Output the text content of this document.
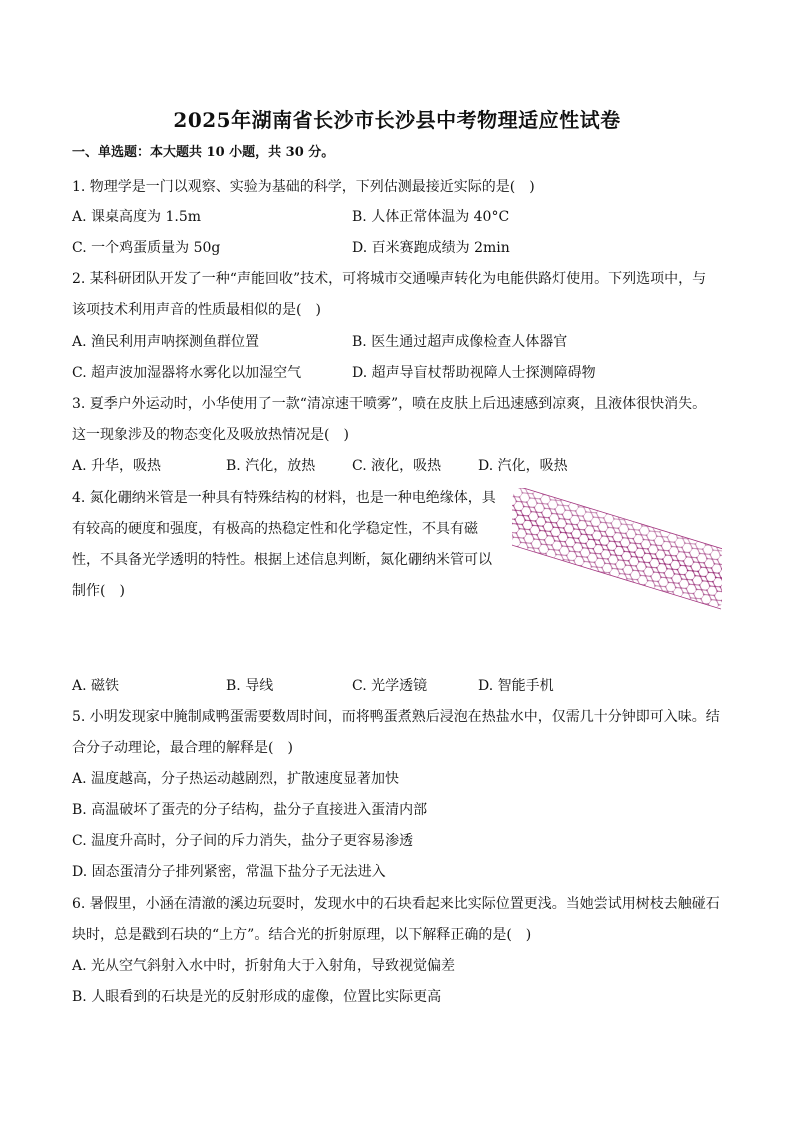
2025年湖南省长沙市长沙县中考物理适应性试卷
一、单选题：本大题共 10 小题，共 30 分。
1. 物理学是一门以观察、实验为基础的科学，下列估测最接近实际的是(　)
A. 课桌高度为 1.5m	B. 人体正常体温为 40°C
C. 一个鸡蛋质量为 50g	D. 百米赛跑成绩为 2min
2. 某科研团队开发了一种“声能回收”技术，可将城市交通噪声转化为电能供路灯使用。下列选项中，与
该项技术利用声音的性质最相似的是(　)
A. 渔民利用声呐探测鱼群位置	B. 医生通过超声成像检查人体器官
C. 超声波加湿器将水雾化以加湿空气	D. 超声导盲杖帮助视障人士探测障碍物
3. 夏季户外运动时，小华使用了一款“清凉速干喷雾”，喷在皮肤上后迅速感到凉爽，且液体很快消失。
这一现象涉及的物态变化及吸放热情况是(　)
A. 升华，吸热	B. 汽化，放热	C. 液化，吸热	D. 汽化，吸热
4. 氮化硼纳米管是一种具有特殊结构的材料，也是一种电绝缘体，具
有较高的硬度和强度，有极高的热稳定性和化学稳定性，不具有磁
性，不具备光学透明的特性。根据上述信息判断，氮化硼纳米管可以
制作(　)
A. 磁铁	B. 导线	C. 光学透镜	D. 智能手机
5. 小明发现家中腌制咸鸭蛋需要数周时间，而将鸭蛋煮熟后浸泡在热盐水中，仅需几十分钟即可入味。结
合分子动理论，最合理的解释是(　)
A. 温度越高，分子热运动越剧烈，扩散速度显著加快
B. 高温破坏了蛋壳的分子结构，盐分子直接进入蛋清内部
C. 温度升高时，分子间的斥力消失，盐分子更容易渗透
D. 固态蛋清分子排列紧密，常温下盐分子无法进入
6. 暑假里，小涵在清澈的溪边玩耍时，发现水中的石块看起来比实际位置更浅。当她尝试用树枝去触碰石
块时，总是戳到石块的“上方”。结合光的折射原理，以下解释正确的是(　)
A. 光从空气斜射入水中时，折射角大于入射角，导致视觉偏差
B. 人眼看到的石块是光的反射形成的虚像，位置比实际更高
